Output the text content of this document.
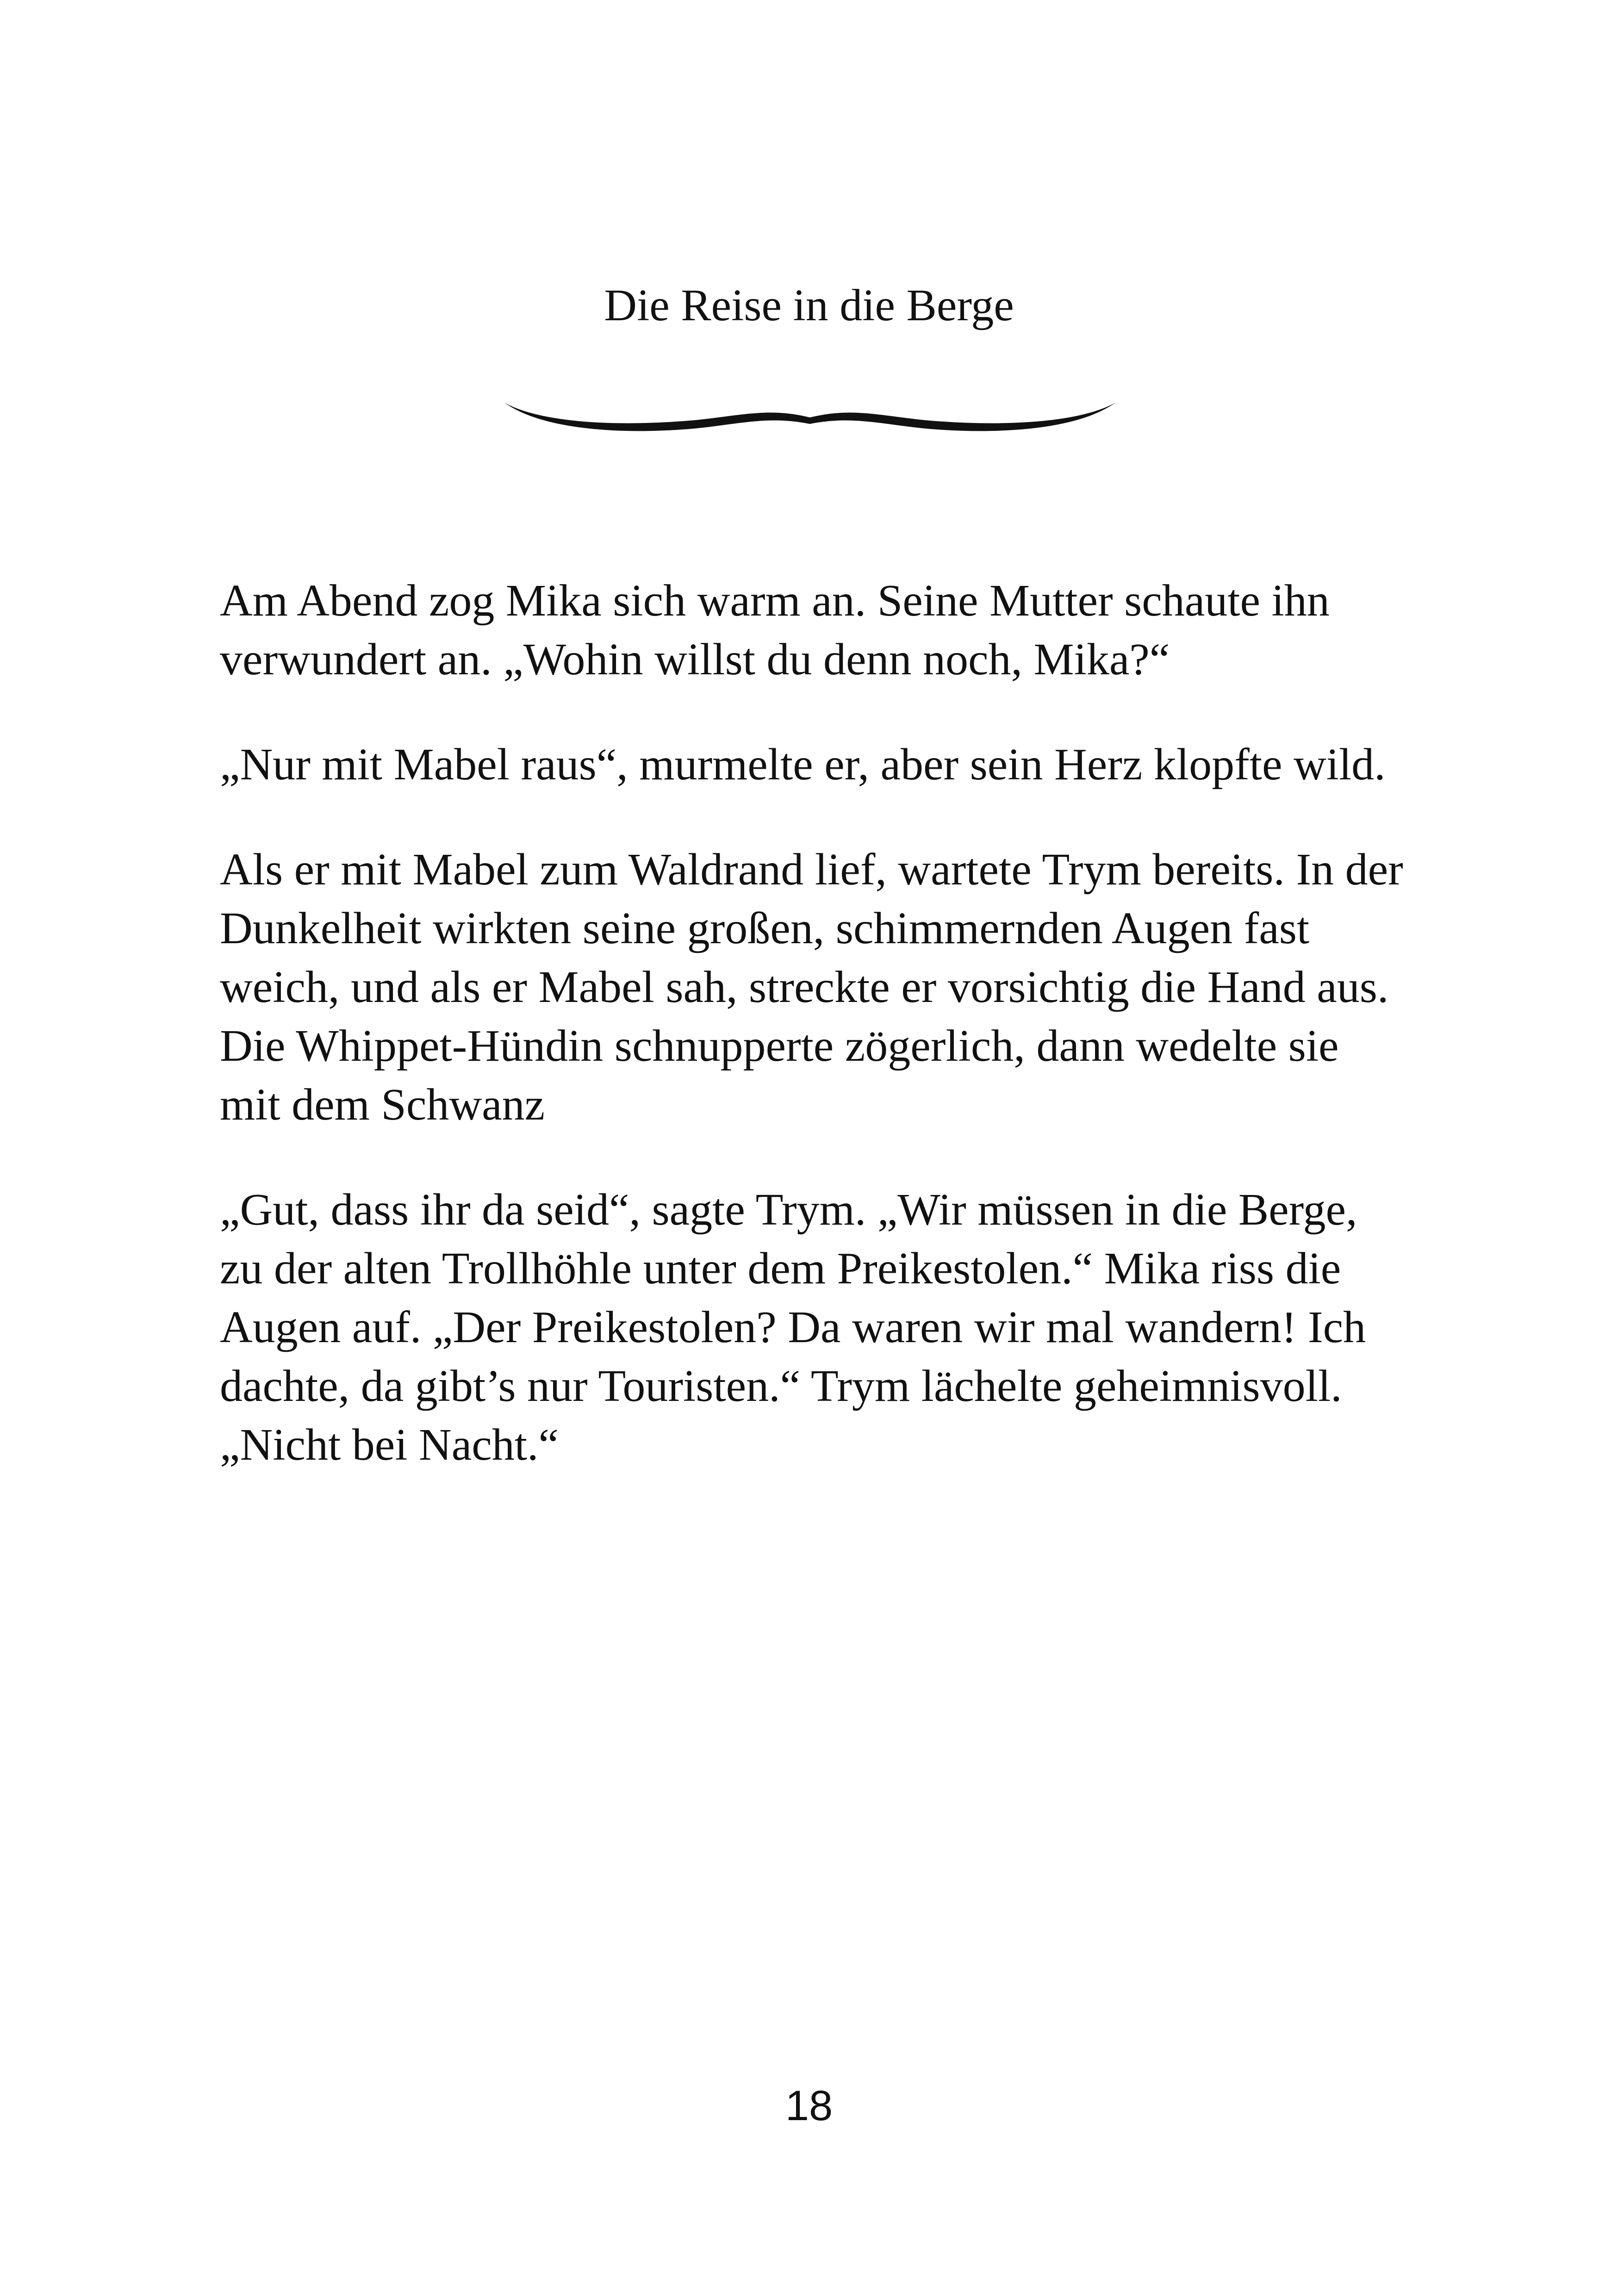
Die Reise in die Berge

Am Abend zog Mika sich warm an. Seine Mutter schaute ihn verwundert an. „Wohin willst du denn noch, Mika?“

„Nur mit Mabel raus“, murmelte er, aber sein Herz klopfte wild.

Als er mit Mabel zum Waldrand lief, wartete Trym bereits. In der Dunkelheit wirkten seine großen, schimmernden Augen fast weich, und als er Mabel sah, streckte er vorsichtig die Hand aus. Die Whippet-Hündin schnupperte zögerlich, dann wedelte sie mit dem Schwanz

„Gut, dass ihr da seid“, sagte Trym. „Wir müssen in die Berge, zu der alten Trollhöhle unter dem Preikestolen.“ Mika riss die Augen auf. „Der Preikestolen? Da waren wir mal wandern! Ich dachte, da gibt’s nur Touristen.“ Trym lächelte geheimnisvoll. „Nicht bei Nacht.“

18
